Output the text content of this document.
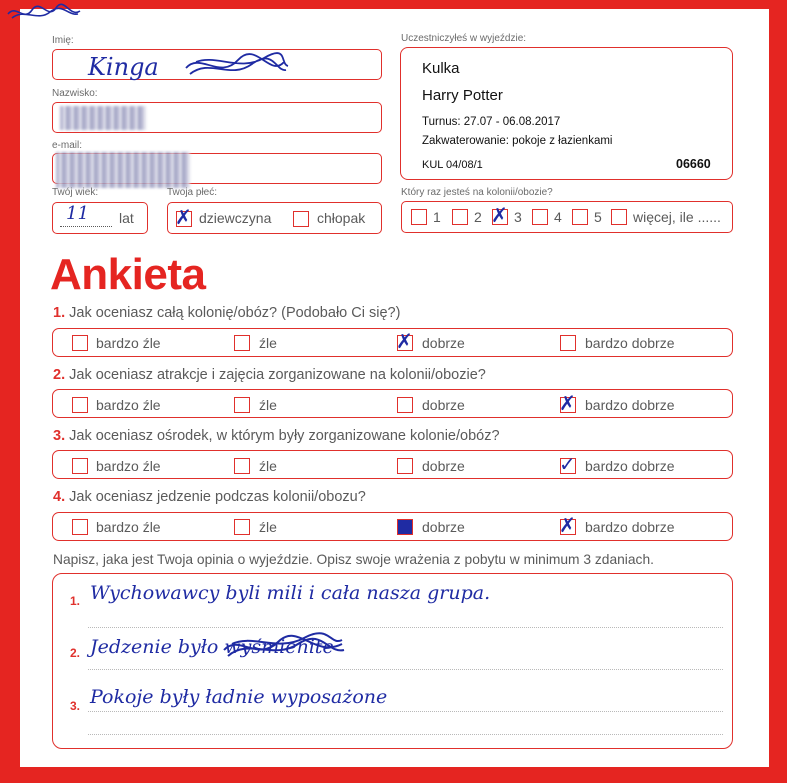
Imię:
Kinga
Nazwisko:
e-mail:
Twój wiek:
11 lat
Twoja płeć:
✗ dziewczyna	chłopak
Uczestniczyłeś w wyjeździe:
Kulka
Harry Potter
Turnus: 27.07 - 06.08.2017
Zakwaterowanie: pokoje z łazienkami
KUL 04/08/1	06660
Który raz jesteś na kolonii/obozie?
1 2 ✗ 3 4 5 więcej, ile ......
Ankieta
1. Jak oceniasz całą kolonię/obóz? (Podobało Ci się?)
bardzo źle	źle	✗ dobrze	bardzo dobrze
2. Jak oceniasz atrakcje i zajęcia zorganizowane na kolonii/obozie?
bardzo źle	źle	dobrze	✗ bardzo dobrze
3. Jak oceniasz ośrodek, w którym były zorganizowane kolonie/obóz?
bardzo źle	źle	dobrze	✓ bardzo dobrze
4. Jak oceniasz jedzenie podczas kolonii/obozu?
bardzo źle	źle	dobrze	✗ bardzo dobrze
Napisz, jaka jest Twoja opinia o wyjeździe. Opisz swoje wrażenia z pobytu w minimum 3 zdaniach.
1. Wychowawcy byli mili i cała nasza grupa.
2. Jedzenie było wyśmienite
3. Pokoje były ładnie wyposażone
